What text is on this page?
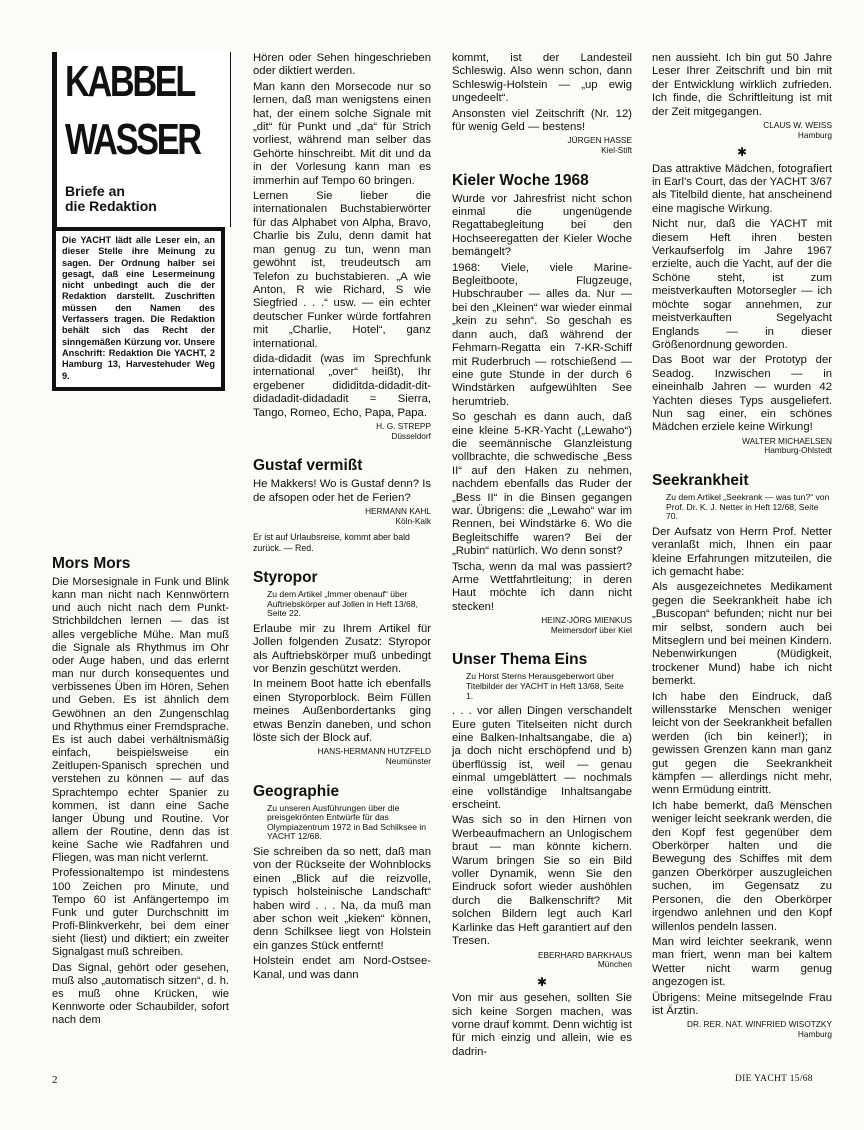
KABBEL
WASSER
Briefe an
die Redaktion

Die YACHT lädt alle Leser ein, an dieser Stelle ihre Meinung zu sagen. Der Ordnung halber sei gesagt, daß eine Lesermeinung nicht unbedingt auch die der Redaktion darstellt. Zuschriften müssen den Namen des Verfassers tragen. Die Redaktion behält sich das Recht der sinngemäßen Kürzung vor. Unsere Anschrift: Redaktion Die YACHT, 2 Hamburg 13, Harvestehuder Weg 9.

Mors Mors

Die Morsesignale in Funk und Blink kann man nicht nach Kennwörtern und auch nicht nach dem Punkt-Strichbildchen lernen — das ist alles vergebliche Mühe. Man muß die Signale als Rhythmus im Ohr oder Auge haben, und das erlernt man nur durch konsequentes und verbissenes Üben im Hören, Sehen und Geben. Es ist ähnlich dem Gewöhnen an den Zungenschlag und Rhythmus einer Fremdsprache. Es ist auch dabei verhältnismäßig einfach, beispielsweise ein Zeitlupen-Spanisch sprechen und verstehen zu können — auf das Sprachtempo echter Spanier zu kommen, ist dann eine Sache langer Übung und Routine. Vor allem der Routine, denn das ist keine Sache wie Radfahren und Fliegen, was man nicht verlernt.

Professionaltempo ist mindestens 100 Zeichen pro Minute, und Tempo 60 ist Anfängertempo im Funk und guter Durchschnitt im Profi-Blinkverkehr, bei dem einer sieht (liest) und diktiert; ein zweiter Signalgast muß schreiben.

Das Signal, gehört oder gesehen, muß also „automatisch sitzen“, d. h. es muß ohne Krücken, wie Kennworte oder Schaubilder, sofort nach dem

Hören oder Sehen hingeschrieben oder diktiert werden.

Man kann den Morsecode nur so lernen, daß man wenigstens einen hat, der einem solche Signale mit „dit“ für Punkt und „da“ für Strich vorliest, während man selber das Gehörte hinschreibt. Mit dit und da in der Vorlesung kann man es immerhin auf Tempo 60 bringen.

Lernen Sie lieber die internationalen Buchstabierwörter für das Alphabet von Alpha, Bravo, Charlie bis Zulu, denn damit hat man genug zu tun, wenn man gewöhnt ist, treudeutsch am Telefon zu buchstabieren. „A wie Anton, R wie Richard, S wie Siegfried . . .“ usw. — ein echter deutscher Funker würde fortfahren mit „Charlie, Hotel“, ganz international.

dida-didadit (was im Sprechfunk international „over“ heißt), Ihr ergebener dididitda-didadit-dit-didadadit-didadadit = Sierra, Tango, Romeo, Echo, Papa, Papa.

H. G. STREPP
Düsseldorf
Gustaf vermißt

He Makkers! Wo is Gustaf denn? Is de afsopen oder het de Ferien?

HERMANN KAHL
Köln-Kalk
Er ist auf Urlaubsreise, kommt aber bald zurück. — Red.
Styropor
Zu dem Artikel „Immer obenauf“ über Auftriebskörper auf Jollen in Heft 13/68, Seite 22.

Erlaube mir zu Ihrem Artikel für Jollen folgenden Zusatz: Styropor als Auftriebskörper muß unbedingt vor Benzin geschützt werden.

In meinem Boot hatte ich ebenfalls einen Styroporblock. Beim Füllen meines Außenbordertanks ging etwas Benzin daneben, und schon löste sich der Block auf.

HANS-HERMANN HUTZFELD
Neumünster
Geographie
Zu unseren Ausführungen über die preisgekrönten Entwürfe für das Olympiazentrum 1972 in Bad Schilksee in YACHT 12/68.

Sie schreiben da so nett, daß man von der Rückseite der Wohnblocks einen „Blick auf die reizvolle, typisch holsteinische Landschaft“ haben wird . . . Na, da muß man aber schon weit „kieken“ können, denn Schilksee liegt von Holstein ein ganzes Stück entfernt!

Holstein endet am Nord-Ostsee-Kanal, und was dann

kommt, ist der Landesteil Schleswig. Also wenn schon, dann Schleswig-Holstein — „up ewig ungedeelt“.

Ansonsten viel Zeitschrift (Nr. 12) für wenig Geld — bestens!

JÜRGEN HASSE
Kiel-Stift
Kieler Woche 1968

Wurde vor Jahresfrist nicht schon einmal die ungenügende Regattabegleitung bei den Hochseeregatten der Kieler Woche bemängelt?

1968: Viele, viele Marine-Begleitboote, Flugzeuge, Hubschrauber — alles da. Nur — bei den „Kleinen“ war wieder einmal „kein zu sehn“. So geschah es dann auch, daß während der Fehmarn-Regatta ein 7-KR-Schiff mit Ruderbruch — rotschießend — eine gute Stunde in der durch 6 Windstärken aufgewühlten See herumtrieb.

So geschah es dann auch, daß eine kleine 5-KR-Yacht („Lewaho“) die seemännische Glanzleistung vollbrachte, die schwedische „Bess II“ auf den Haken zu nehmen, nachdem ebenfalls das Ruder der „Bess II“ in die Binsen gegangen war. Übrigens: die „Lewaho“ war im Rennen, bei Windstärke 6. Wo die Begleitschiffe waren? Bei der „Rubin“ natürlich. Wo denn sonst?

Tscha, wenn da mal was passiert? Arme Wettfahrtleitung; in deren Haut möchte ich dann nicht stecken!

HEINZ-JÖRG MIENKUS
Meimersdorf über Kiel
Unser Thema Eins
Zu Horst Sterns Herausgeberwort über Titelbilder der YACHT in Heft 13/68, Seite 1.

. . . vor allen Dingen verschandelt Eure guten Titelseiten nicht durch eine Balken-Inhaltsangabe, die a) ja doch nicht erschöpfend und b) überflüssig ist, weil — genau einmal umgeblättert — nochmals eine vollständige Inhaltsangabe erscheint.

Was sich so in den Hirnen von Werbeaufmachern an Unlogischem braut — man könnte kichern. Warum bringen Sie so ein Bild voller Dynamik, wenn Sie den Eindruck sofort wieder aushöhlen durch die Balkenschrift? Mit solchen Bildern legt auch Karl Karlinke das Heft garantiert auf den Tresen.

EBERHARD BARKHAUS
München
✱

Von mir aus gesehen, sollten Sie sich keine Sorgen machen, was vorne drauf kommt. Denn wichtig ist für mich einzig und allein, wie es dadrin-

nen aussieht. Ich bin gut 50 Jahre Leser Ihrer Zeitschrift und bin mit der Entwicklung wirklich zufrieden. Ich finde, die Schriftleitung ist mit der Zeit mitgegangen.

CLAUS W. WEISS
Hamburg
✱

Das attraktive Mädchen, fotografiert in Earl’s Court, das der YACHT 3/67 als Titelbild diente, hat anscheinend eine magische Wirkung.

Nicht nur, daß die YACHT mit diesem Heft ihren besten Verkaufserfolg im Jahre 1967 erzielte, auch die Yacht, auf der die Schöne steht, ist zum meistverkauften Motorsegler — ich möchte sogar annehmen, zur meistverkauften Segelyacht Englands — in dieser Größenordnung geworden.

Das Boot war der Prototyp der Seadog. Inzwischen — in eineinhalb Jahren — wurden 42 Yachten dieses Typs ausgeliefert. Nun sag einer, ein schönes Mädchen erziele keine Wirkung!

WALTER MICHAELSEN
Hamburg-Ohlstedt
Seekrankheit
Zu dem Artikel „Seekrank — was tun?“ von Prof. Dr. K. J. Netter in Heft 12/68, Seite 70.

Der Aufsatz von Herrn Prof. Netter veranlaßt mich, Ihnen ein paar kleine Erfahrungen mitzuteilen, die ich gemacht habe:

Als ausgezeichnetes Medikament gegen die Seekrankheit habe ich „Buscopan“ befunden; nicht nur bei mir selbst, sondern auch bei Mitseglern und bei meinen Kindern. Nebenwirkungen (Müdigkeit, trockener Mund) habe ich nicht bemerkt.

Ich habe den Eindruck, daß willensstarke Menschen weniger leicht von der Seekrankheit befallen werden (ich bin keiner!); in gewissen Grenzen kann man ganz gut gegen die Seekrankheit kämpfen — allerdings nicht mehr, wenn Ermüdung eintritt.

Ich habe bemerkt, daß Menschen weniger leicht seekrank werden, die den Kopf fest gegenüber dem Oberkörper halten und die Bewegung des Schiffes mit dem ganzen Oberkörper auszugleichen suchen, im Gegensatz zu Personen, die den Oberkörper irgendwo anlehnen und den Kopf willenlos pendeln lassen.

Man wird leichter seekrank, wenn man friert, wenn man bei kaltem Wetter nicht warm genug angezogen ist.

Übrigens: Meine mitsegelnde Frau ist Ärztin.

DR. RER. NAT. WINFRIED WISOTZKY
Hamburg
2	DIE YACHT 15/68
